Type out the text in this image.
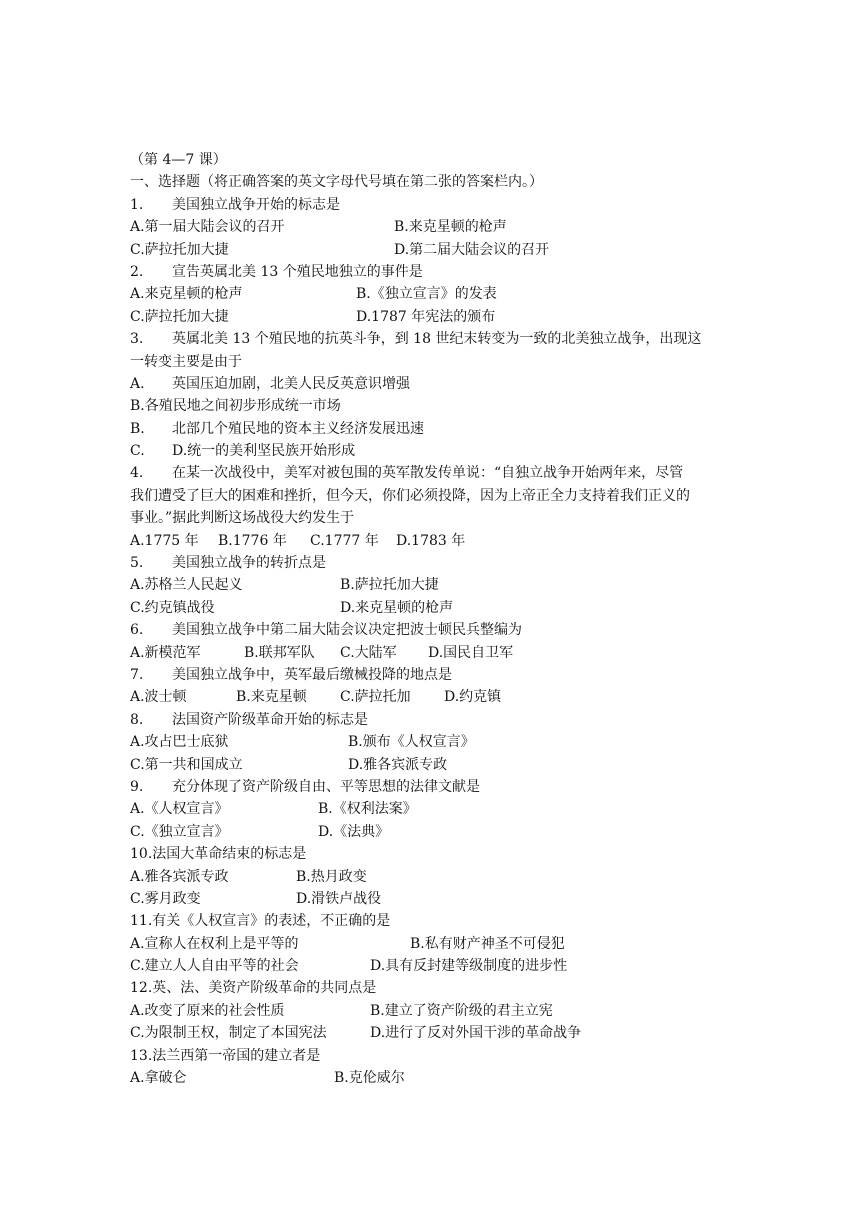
（第 4—7 课）
一、选择题（将正确答案的英文字母代号填在第二张的答案栏内。）
1. 美国独立战争开始的标志是
A.第一届大陆会议的召开	B.来克星顿的枪声
C.萨拉托加大捷	D.第二届大陆会议的召开
2. 宣告英属北美 13 个殖民地独立的事件是
A.来克星顿的枪声	B.《独立宣言》的发表
C.萨拉托加大捷	D.1787 年宪法的颁布
3. 英属北美 13 个殖民地的抗英斗争，到 18 世纪末转变为一致的北美独立战争，出现这
一转变主要是由于
A. 英国压迫加剧，北美人民反英意识增强
B.各殖民地之间初步形成统一市场
B. 北部几个殖民地的资本主义经济发展迅速
C. D.统一的美利坚民族开始形成
4. 在某一次战役中，美军对被包围的英军散发传单说：“自独立战争开始两年来，尽管
我们遭受了巨大的困难和挫折，但今天，你们必须投降，因为上帝正全力支持着我们正义的
事业。”据此判断这场战役大约发生于
A.1775 年 B.1776 年 C.1777 年 D.1783 年
5. 美国独立战争的转折点是
A.苏格兰人民起义	B.萨拉托加大捷
C.约克镇战役	D.来克星顿的枪声
6. 美国独立战争中第二届大陆会议决定把波士顿民兵整编为
A.新模范军	B.联邦军队 C.大陆军 D.国民自卫军
7. 美国独立战争中，英军最后缴械投降的地点是
A.波士顿	B.来克星顿 C.萨拉托加 D.约克镇
8. 法国资产阶级革命开始的标志是
A.攻占巴士底狱	B.颁布《人权宣言》
C.第一共和国成立	D.雅各宾派专政
9. 充分体现了资产阶级自由、平等思想的法律文献是
A.《人权宣言》	B.《权利法案》
C.《独立宣言》	D.《法典》
10.法国大革命结束的标志是
A.雅各宾派专政	B.热月政变
C.雾月政变	D.滑铁卢战役
11.有关《人权宣言》的表述，不正确的是
A.宣称人在权利上是平等的	B.私有财产神圣不可侵犯
C.建立人人自由平等的社会	D.具有反封建等级制度的进步性
12.英、法、美资产阶级革命的共同点是
A.改变了原来的社会性质	B.建立了资产阶级的君主立宪
C.为限制王权，制定了本国宪法	D.进行了反对外国干涉的革命战争
13.法兰西第一帝国的建立者是
A.拿破仑	B.克伦威尔
